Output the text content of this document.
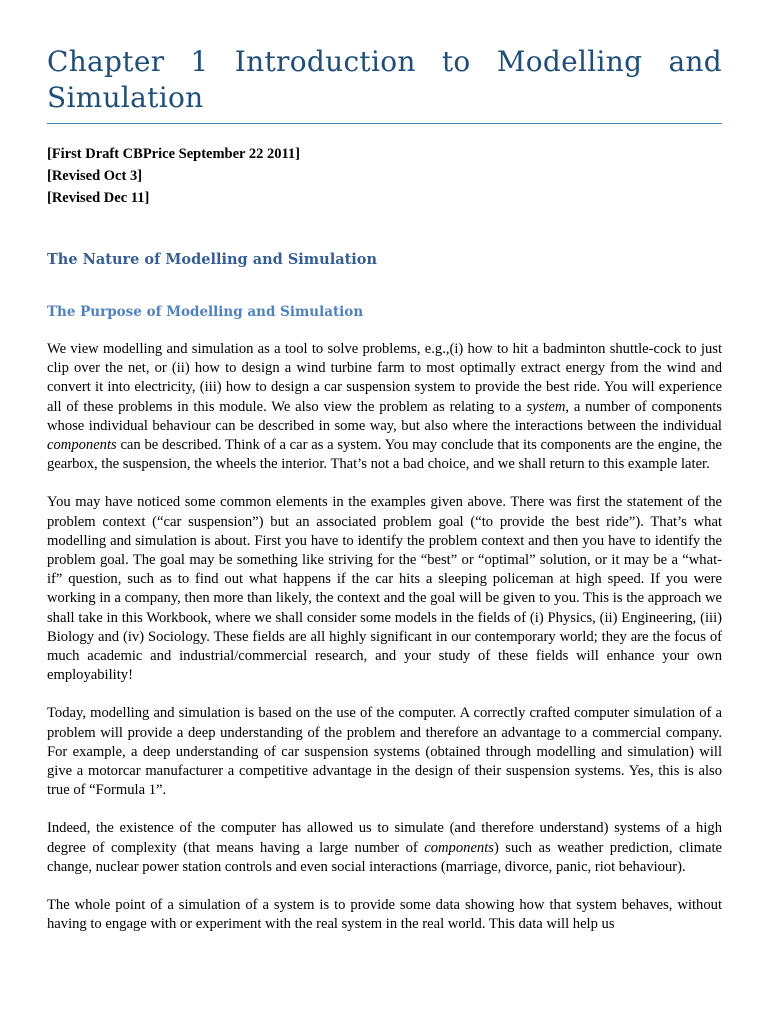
Chapter 1 Introduction to Modelling and Simulation
[First Draft CBPrice September 22 2011]
[Revised Oct 3]
[Revised Dec 11]
The Nature of Modelling and Simulation
The Purpose of Modelling and Simulation

We view modelling and simulation as a tool to solve problems, e.g.,(i) how to hit a badminton shuttle-cock to just clip over the net, or (ii) how to design a wind turbine farm to most optimally extract energy from the wind and convert it into electricity, (iii) how to design a car suspension system to provide the best ride. You will experience all of these problems in this module. We also view the problem as relating to a system, a number of components whose individual behaviour can be described in some way, but also where the interactions between the individual components can be described. Think of a car as a system. You may conclude that its components are the engine, the gearbox, the suspension, the wheels the interior. That’s not a bad choice, and we shall return to this example later.

You may have noticed some common elements in the examples given above. There was first the statement of the problem context (“car suspension”) but an associated problem goal (“to provide the best ride”). That’s what modelling and simulation is about. First you have to identify the problem context and then you have to identify the problem goal. The goal may be something like striving for the “best” or “optimal” solution, or it may be a “what-if” question, such as to find out what happens if the car hits a sleeping policeman at high speed. If you were working in a company, then more than likely, the context and the goal will be given to you. This is the approach we shall take in this Workbook, where we shall consider some models in the fields of (i) Physics, (ii) Engineering, (iii) Biology and (iv) Sociology. These fields are all highly significant in our contemporary world; they are the focus of much academic and industrial/commercial research, and your study of these fields will enhance your own employability!

Today, modelling and simulation is based on the use of the computer. A correctly crafted computer simulation of a problem will provide a deep understanding of the problem and therefore an advantage to a commercial company. For example, a deep understanding of car suspension systems (obtained through modelling and simulation) will give a motorcar manufacturer a competitive advantage in the design of their suspension systems. Yes, this is also true of “Formula 1”.

Indeed, the existence of the computer has allowed us to simulate (and therefore understand) systems of a high degree of complexity (that means having a large number of components) such as weather prediction, climate change, nuclear power station controls and even social interactions (marriage, divorce, panic, riot behaviour).

The whole point of a simulation of a system is to provide some data showing how that system behaves, without having to engage with or experiment with the real system in the real world. This data will help us
